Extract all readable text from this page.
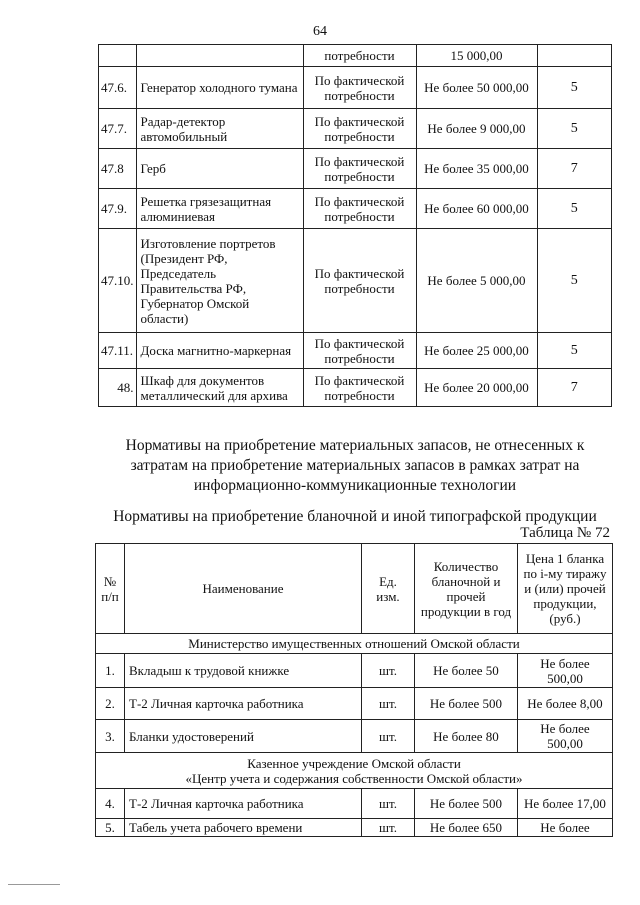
64
		потребности	15 000,00	
47.6.	Генератор холодного тумана	По фактической потребности	Не более 50 000,00	5
47.7.	Радар-детектор автомобильный	По фактической потребности	Не более 9 000,00	5
47.8	Герб	По фактической потребности	Не более 35 000,00	7
47.9.	Решетка грязезащитная алюминиевая	По фактической потребности	Не более 60 000,00	5
47.10.	Изготовление портретов (Президент РФ, Председатель Правительства РФ, Губернатор Омской области)	По фактической потребности	Не более 5 000,00	5
47.11.	Доска магнитно-маркерная	По фактической потребности	Не более 25 000,00	5
48.	Шкаф для документов металлический для архива	По фактической потребности	Не более 20 000,00	7
Нормативы на приобретение материальных запасов, не отнесенных к затратам на приобретение материальных запасов в рамках затрат на информационно-коммуникационные технологии
Нормативы на приобретение бланочной и иной типографской продукции
Таблица № 72
№ п/п	Наименование	Ед. изм.	Количество бланочной и прочей продукции в год	Цена 1 бланка по i-му тиражу и (или) прочей продукции, (руб.)
Министерство имущественных отношений Омской области				
1.	Вкладыш к трудовой книжке	шт.	Не более 50	Не более 500,00
2.	Т-2 Личная карточка работника	шт.	Не более 500	Не более 8,00
3.	Бланки удостоверений	шт.	Не более 80	Не более 500,00

Казенное учреждение Омской области
«Центр учета и содержания собственности Омской области»				

4.	Т-2 Личная карточка работника	шт.	Не более 500	Не более 17,00
5.	Табель учета рабочего времени	шт.	Не более 650	Не более
